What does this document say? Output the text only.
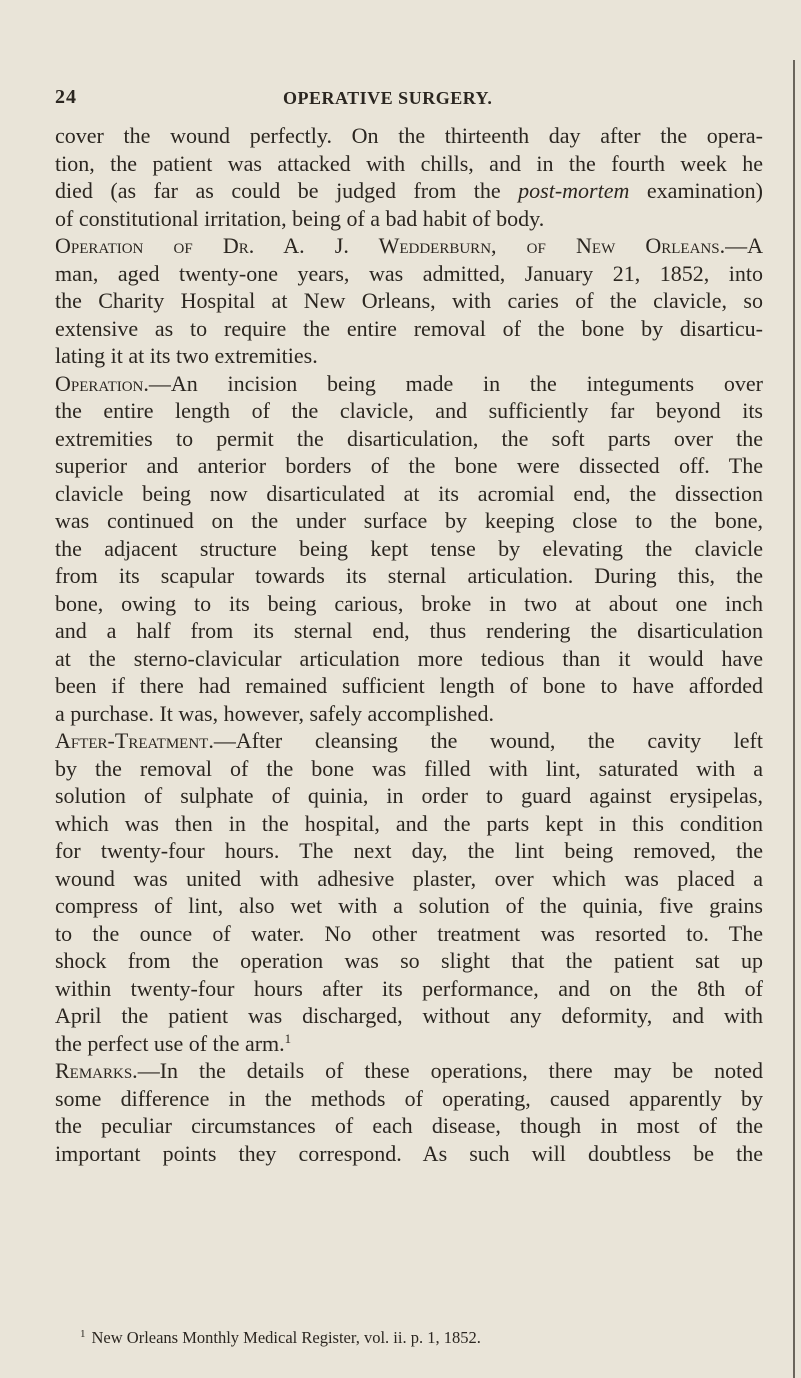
24	OPERATIVE SURGERY.
cover the wound perfectly. On the thirteenth day after the opera-
tion, the patient was attacked with chills, and in the fourth week he
died (as far as could be judged from the post-mortem examination)
of constitutional irritation, being of a bad habit of body.
Operation of Dr. A. J. Wedderburn, of New Orleans.—A
man, aged twenty-one years, was admitted, January 21, 1852, into
the Charity Hospital at New Orleans, with caries of the clavicle, so
extensive as to require the entire removal of the bone by disarticu-
lating it at its two extremities.
Operation.—An incision being made in the integuments over
the entire length of the clavicle, and sufficiently far beyond its
extremities to permit the disarticulation, the soft parts over the
superior and anterior borders of the bone were dissected off. The
clavicle being now disarticulated at its acromial end, the dissection
was continued on the under surface by keeping close to the bone,
the adjacent structure being kept tense by elevating the clavicle
from its scapular towards its sternal articulation. During this, the
bone, owing to its being carious, broke in two at about one inch
and a half from its sternal end, thus rendering the disarticulation
at the sterno-clavicular articulation more tedious than it would have
been if there had remained sufficient length of bone to have afforded
a purchase. It was, however, safely accomplished.
After-Treatment.—After cleansing the wound, the cavity left
by the removal of the bone was filled with lint, saturated with a
solution of sulphate of quinia, in order to guard against erysipelas,
which was then in the hospital, and the parts kept in this condition
for twenty-four hours. The next day, the lint being removed, the
wound was united with adhesive plaster, over which was placed a
compress of lint, also wet with a solution of the quinia, five grains
to the ounce of water. No other treatment was resorted to. The
shock from the operation was so slight that the patient sat up
within twenty-four hours after its performance, and on the 8th of
April the patient was discharged, without any deformity, and with
the perfect use of the arm.$^1$
Remarks.—In the details of these operations, there may be noted
some difference in the methods of operating, caused apparently by
the peculiar circumstances of each disease, though in most of the
important points they correspond. As such will doubtless be the
$^1$ New Orleans Monthly Medical Register, vol. ii. p. 1, 1852.
